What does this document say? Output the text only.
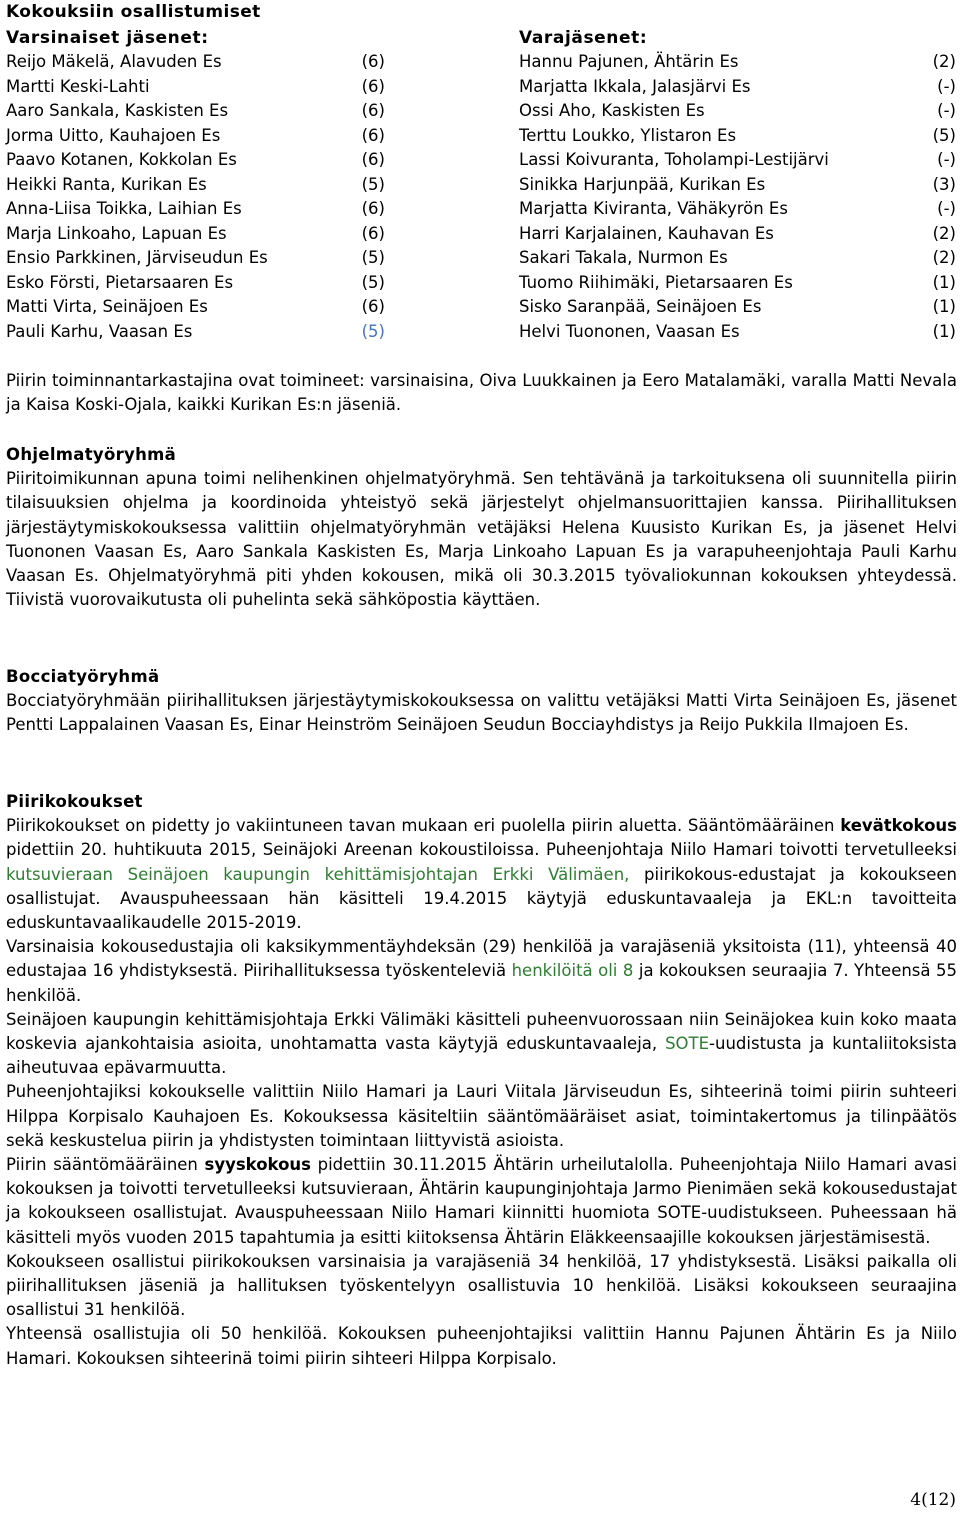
Kokouksiin osallistumiset
Varsinaiset jäsenet:	Varajäsenet:
Reijo Mäkelä, Alavuden Es	(6)
Martti Keski-Lahti	(6)
Aaro Sankala, Kaskisten Es	(6)
Jorma Uitto, Kauhajoen Es	(6)
Paavo Kotanen, Kokkolan Es	(6)
Heikki Ranta, Kurikan Es	(5)
Anna-Liisa Toikka, Laihian Es	(6)
Marja Linkoaho, Lapuan Es	(6)
Ensio Parkkinen, Järviseudun Es	(5)
Esko Försti, Pietarsaaren Es	(5)
Matti Virta, Seinäjoen Es	(6)
Pauli Karhu, Vaasan Es	(5)
Hannu Pajunen, Ähtärin Es	(2)
Marjatta Ikkala, Jalasjärvi Es	(-)
Ossi Aho, Kaskisten Es	(-)
Terttu Loukko, Ylistaron Es	(5)
Lassi Koivuranta, Toholampi-Lestijärvi	(-)
Sinikka Harjunpää, Kurikan Es	(3)
Marjatta Kiviranta, Vähäkyrön Es	(-)
Harri Karjalainen, Kauhavan Es	(2)
Sakari Takala, Nurmon Es	(2)
Tuomo Riihimäki, Pietarsaaren Es	(1)
Sisko Saranpää, Seinäjoen Es	(1)
Helvi Tuononen, Vaasan Es	(1)

Piirin toiminnantarkastajina ovat toimineet: varsinaisina, Oiva Luukkainen ja Eero Matalamäki, varalla Matti Nevala ja Kaisa Koski-Ojala, kaikki Kurikan Es:n jäseniä.

Ohjelmatyöryhmä

Piiritoimikunnan apuna toimi nelihenkinen ohjelmatyöryhmä. Sen tehtävänä ja tarkoituksena oli suunnitella piirin tilaisuuksien ohjelma ja koordinoida yhteistyö sekä järjestelyt ohjelmansuorittajien kanssa. Piirihallituksen järjestäytymiskokouksessa valittiin ohjelmatyöryhmän vetäjäksi Helena Kuusisto Kurikan Es, ja jäsenet Helvi Tuononen Vaasan Es, Aaro Sankala Kaskisten Es, Marja Linkoaho Lapuan Es ja varapuheenjohtaja Pauli Karhu Vaasan Es. Ohjelmatyöryhmä piti yhden kokousen, mikä oli 30.3.2015 työvaliokunnan kokouksen yhteydessä. Tiivistä vuorovaikutusta oli puhelinta sekä sähköpostia käyttäen.

Bocciatyöryhmä

Bocciatyöryhmään piirihallituksen järjestäytymiskokouksessa on valittu vetäjäksi Matti Virta Seinäjoen Es, jäsenet Pentti Lappalainen Vaasan Es, Einar Heinström Seinäjoen Seudun Bocciayhdistys ja Reijo Pukkila Ilmajoen Es.

Piirikokoukset

Piirikokoukset on pidetty jo vakiintuneen tavan mukaan eri puolella piirin aluetta. Sääntömääräinen kevätkokous pidettiin 20. huhtikuuta 2015, Seinäjoki Areenan kokoustiloissa. Puheenjohtaja Niilo Hamari toivotti tervetulleeksi kutsuvieraan Seinäjoen kaupungin kehittämisjohtajan Erkki Välimäen, piirikokous-edustajat ja kokoukseen osallistujat. Avauspuheessaan hän käsitteli 19.4.2015 käytyjä eduskuntavaaleja ja EKL:n tavoitteita eduskuntavaalikaudelle 2015-2019.

Varsinaisia kokousedustajia oli kaksikymmentäyhdeksän (29) henkilöä ja varajäseniä yksitoista (11), yhteensä 40 edustajaa 16 yhdistyksestä. Piirihallituksessa työskenteleviä henkilöitä oli 8 ja kokouksen seuraajia 7. Yhteensä 55 henkilöä.

Seinäjoen kaupungin kehittämisjohtaja Erkki Välimäki käsitteli puheenvuorossaan niin Seinäjokea kuin koko maata koskevia ajankohtaisia asioita, unohtamatta vasta käytyjä eduskuntavaaleja, SOTE-uudistusta ja kuntaliitoksista aiheutuvaa epävarmuutta.

Puheenjohtajiksi kokoukselle valittiin Niilo Hamari ja Lauri Viitala Järviseudun Es, sihteerinä toimi piirin suhteeri Hilppa Korpisalo Kauhajoen Es. Kokouksessa käsiteltiin sääntömääräiset asiat, toimintakertomus ja tilinpäätös sekä keskustelua piirin ja yhdistysten toimintaan liittyvistä asioista.

Piirin sääntömääräinen syyskokous pidettiin 30.11.2015 Ähtärin urheilutalolla. Puheenjohtaja Niilo Hamari avasi kokouksen ja toivotti tervetulleeksi kutsuvieraan, Ähtärin kaupunginjohtaja Jarmo Pienimäen sekä kokousedustajat ja kokoukseen osallistujat. Avauspuheessaan Niilo Hamari kiinnitti huomiota SOTE-uudistukseen. Puheessaan hä käsitteli myös vuoden 2015 tapahtumia ja esitti kiitoksensa Ähtärin Eläkkeensaajille kokouksen järjestämisestä.

Kokoukseen osallistui piirikokouksen varsinaisia ja varajäseniä 34 henkilöä, 17 yhdistyksestä. Lisäksi paikalla oli piirihallituksen jäseniä ja hallituksen työskentelyyn osallistuvia 10 henkilöä. Lisäksi kokoukseen seuraajina osallistui 31 henkilöä.

Yhteensä osallistujia oli 50 henkilöä. Kokouksen puheenjohtajiksi valittiin Hannu Pajunen Ähtärin Es ja Niilo Hamari. Kokouksen sihteerinä toimi piirin sihteeri Hilppa Korpisalo.

4(12)
